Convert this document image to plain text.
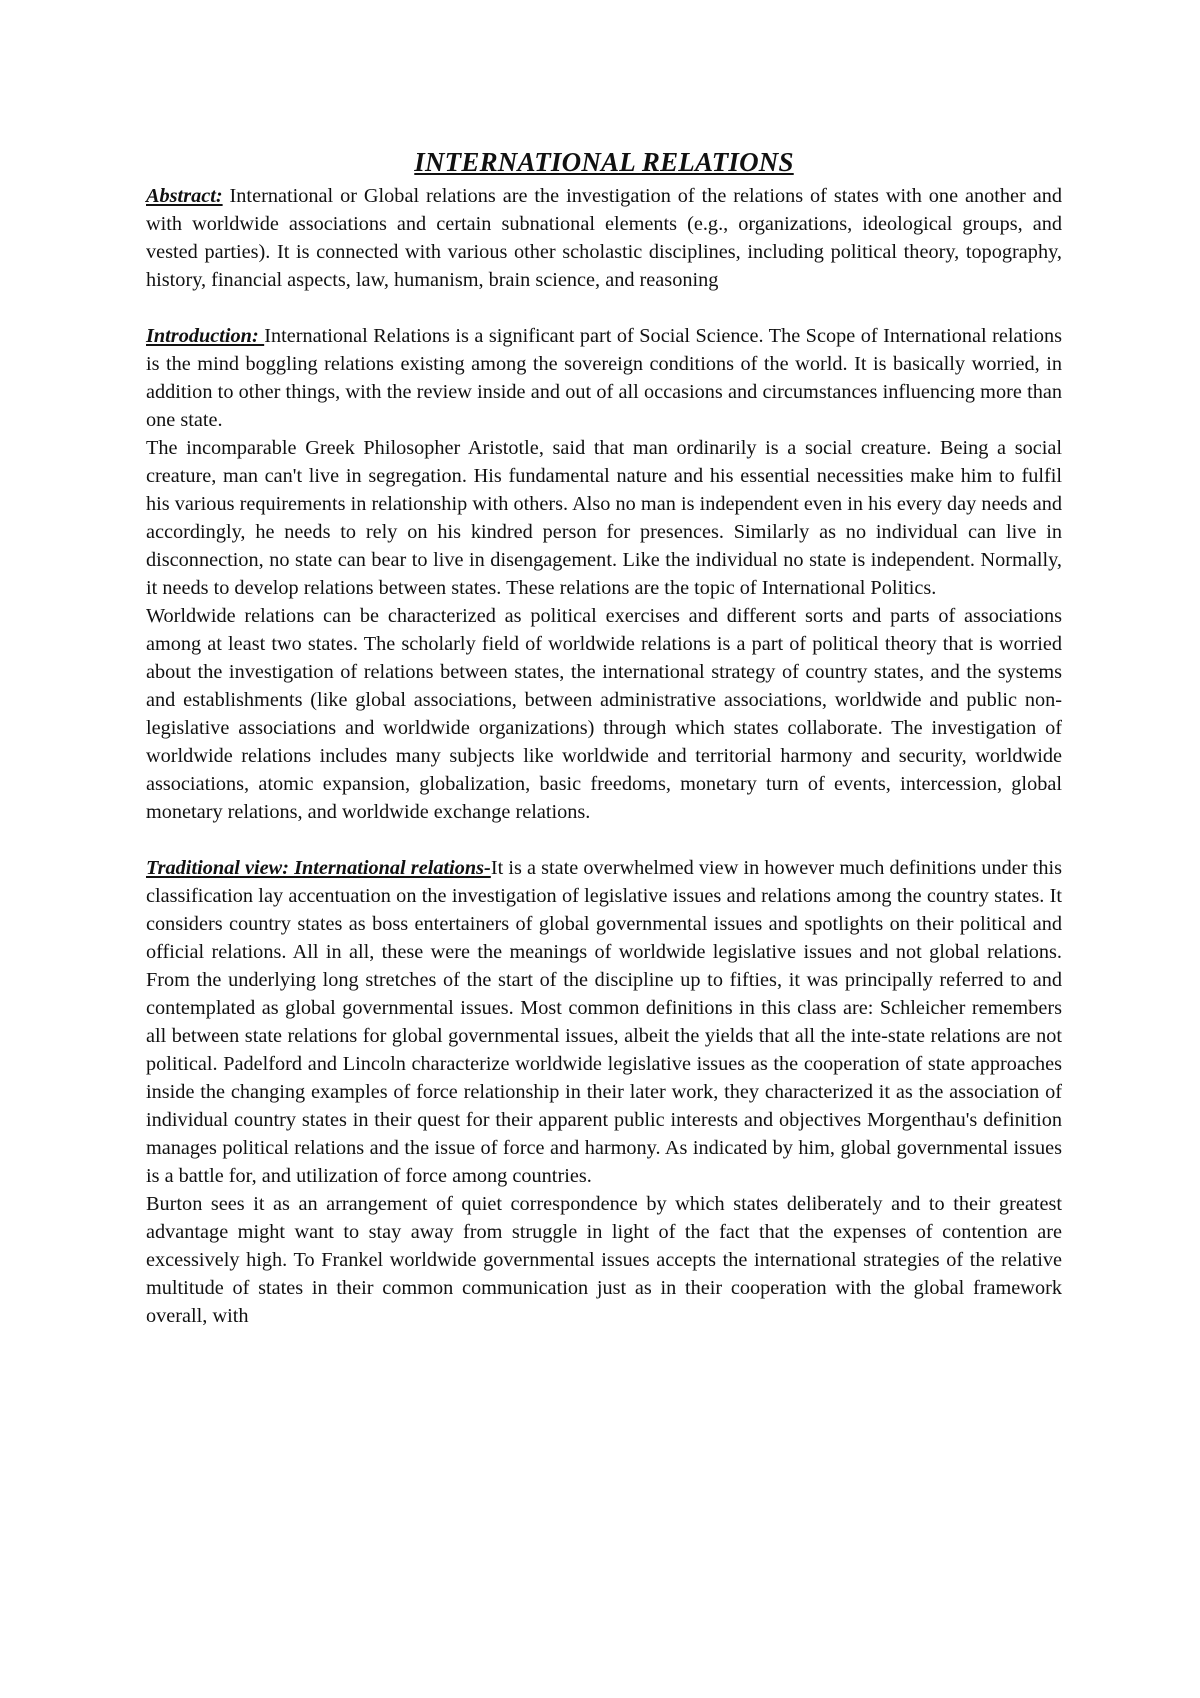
INTERNATIONAL RELATIONS

Abstract: International or Global relations are the investigation of the relations of states with one another and with worldwide associations and certain subnational elements (e.g., organizations, ideological groups, and vested parties). It is connected with various other scholastic disciplines, including political theory, topography, history, financial aspects, law, humanism, brain science, and reasoning

Introduction: International Relations is a significant part of Social Science. The Scope of International relations is the mind boggling relations existing among the sovereign conditions of the world. It is basically worried, in addition to other things, with the review inside and out of all occasions and circumstances influencing more than one state.

The incomparable Greek Philosopher Aristotle, said that man ordinarily is a social creature. Being a social creature, man can't live in segregation. His fundamental nature and his essential necessities make him to fulfil his various requirements in relationship with others. Also no man is independent even in his every day needs and accordingly, he needs to rely on his kindred person for presences. Similarly as no individual can live in disconnection, no state can bear to live in disengagement. Like the individual no state is independent. Normally, it needs to develop relations between states. These relations are the topic of International Politics.

Worldwide relations can be characterized as political exercises and different sorts and parts of associations among at least two states. The scholarly field of worldwide relations is a part of political theory that is worried about the investigation of relations between states, the international strategy of country states, and the systems and establishments (like global associations, between administrative associations, worldwide and public non-legislative associations and worldwide organizations) through which states collaborate. The investigation of worldwide relations includes many subjects like worldwide and territorial harmony and security, worldwide associations, atomic expansion, globalization, basic freedoms, monetary turn of events, intercession, global monetary relations, and worldwide exchange relations.

Traditional view: International relations-It is a state overwhelmed view in however much definitions under this classification lay accentuation on the investigation of legislative issues and relations among the country states. It considers country states as boss entertainers of global governmental issues and spotlights on their political and official relations. All in all, these were the meanings of worldwide legislative issues and not global relations. From the underlying long stretches of the start of the discipline up to fifties, it was principally referred to and contemplated as global governmental issues. Most common definitions in this class are: Schleicher remembers all between state relations for global governmental issues, albeit the yields that all the inte-state relations are not political. Padelford and Lincoln characterize worldwide legislative issues as the cooperation of state approaches inside the changing examples of force relationship in their later work, they characterized it as the association of individual country states in their quest for their apparent public interests and objectives Morgenthau's definition manages political relations and the issue of force and harmony. As indicated by him, global governmental issues is a battle for, and utilization of force among countries.

Burton sees it as an arrangement of quiet correspondence by which states deliberately and to their greatest advantage might want to stay away from struggle in light of the fact that the expenses of contention are excessively high. To Frankel worldwide governmental issues accepts the international strategies of the relative multitude of states in their common communication just as in their cooperation with the global framework overall, with
